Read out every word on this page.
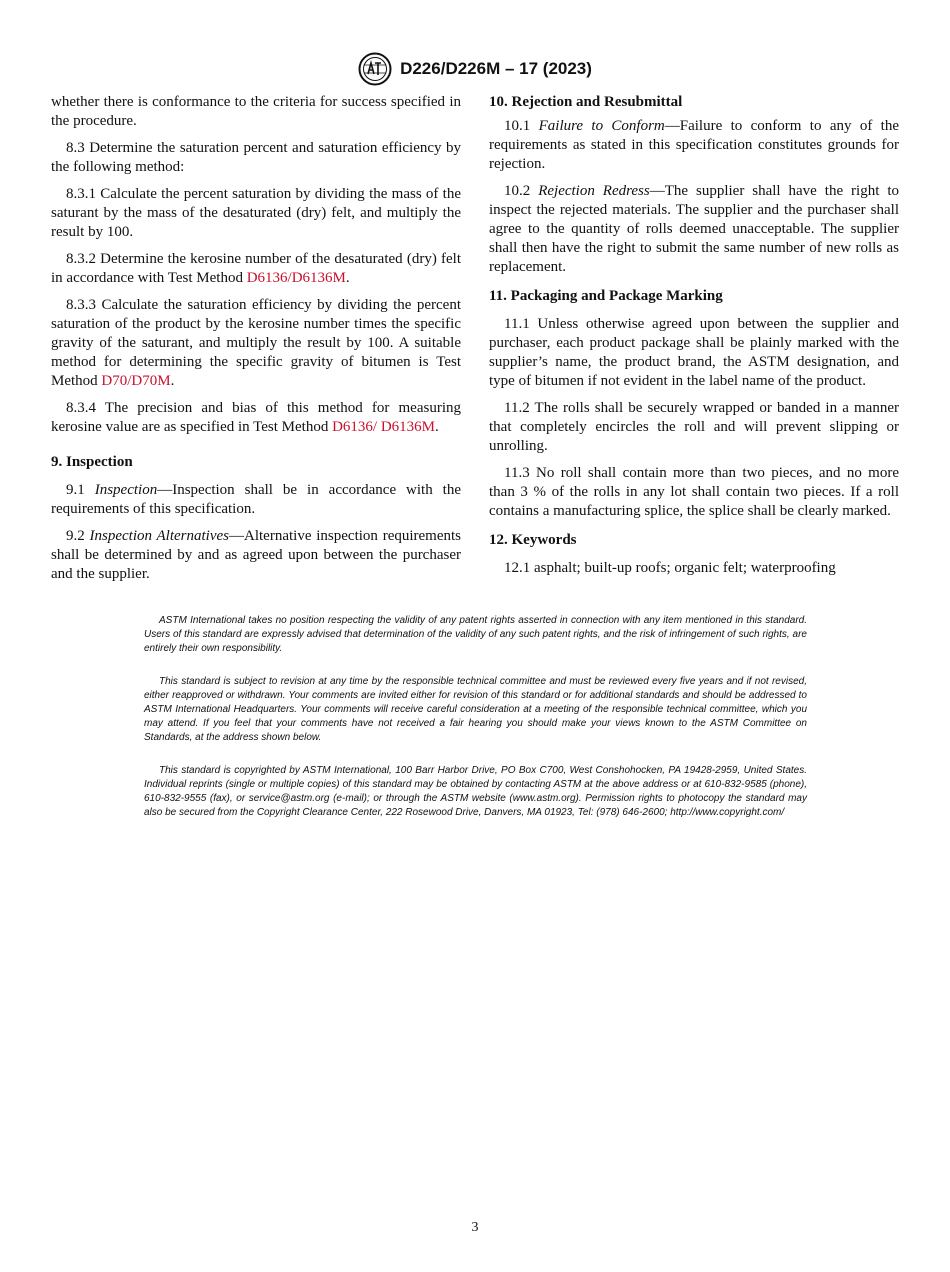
D226/D226M – 17 (2023)

whether there is conformance to the criteria for success specified in the procedure.

8.3 Determine the saturation percent and saturation efficiency by the following method:

8.3.1 Calculate the percent saturation by dividing the mass of the saturant by the mass of the desaturated (dry) felt, and multiply the result by 100.

8.3.2 Determine the kerosine number of the desaturated (dry) felt in accordance with Test Method D6136/D6136M.

8.3.3 Calculate the saturation efficiency by dividing the percent saturation of the product by the kerosine number times the specific gravity of the saturant, and multiply the result by 100. A suitable method for determining the specific gravity of bitumen is Test Method D70/D70M.

8.3.4 The precision and bias of this method for measuring kerosine value are as specified in Test Method D6136/ D6136M.

9. Inspection

9.1 Inspection—Inspection shall be in accordance with the requirements of this specification.

9.2 Inspection Alternatives—Alternative inspection requirements shall be determined by and as agreed upon between the purchaser and the supplier.

10. Rejection and Resubmittal

10.1 Failure to Conform—Failure to conform to any of the requirements as stated in this specification constitutes grounds for rejection.

10.2 Rejection Redress—The supplier shall have the right to inspect the rejected materials. The supplier and the purchaser shall agree to the quantity of rolls deemed unacceptable. The supplier shall then have the right to submit the same number of new rolls as replacement.

11. Packaging and Package Marking

11.1 Unless otherwise agreed upon between the supplier and purchaser, each product package shall be plainly marked with the supplier’s name, the product brand, the ASTM designation, and type of bitumen if not evident in the label name of the product.

11.2 The rolls shall be securely wrapped or banded in a manner that completely encircles the roll and will prevent slipping or unrolling.

11.3 No roll shall contain more than two pieces, and no more than 3 % of the rolls in any lot shall contain two pieces. If a roll contains a manufacturing splice, the splice shall be clearly marked.

12. Keywords

12.1 asphalt; built-up roofs; organic felt; waterproofing

ASTM International takes no position respecting the validity of any patent rights asserted in connection with any item mentioned in this standard. Users of this standard are expressly advised that determination of the validity of any such patent rights, and the risk of infringement of such rights, are entirely their own responsibility.

This standard is subject to revision at any time by the responsible technical committee and must be reviewed every five years and if not revised, either reapproved or withdrawn. Your comments are invited either for revision of this standard or for additional standards and should be addressed to ASTM International Headquarters. Your comments will receive careful consideration at a meeting of the responsible technical committee, which you may attend. If you feel that your comments have not received a fair hearing you should make your views known to the ASTM Committee on Standards, at the address shown below.

This standard is copyrighted by ASTM International, 100 Barr Harbor Drive, PO Box C700, West Conshohocken, PA 19428-2959, United States. Individual reprints (single or multiple copies) of this standard may be obtained by contacting ASTM at the above address or at 610-832-9585 (phone), 610-832-9555 (fax), or service@astm.org (e-mail); or through the ASTM website (www.astm.org). Permission rights to photocopy the standard may also be secured from the Copyright Clearance Center, 222 Rosewood Drive, Danvers, MA 01923, Tel: (978) 646-2600; http://www.copyright.com/

3
